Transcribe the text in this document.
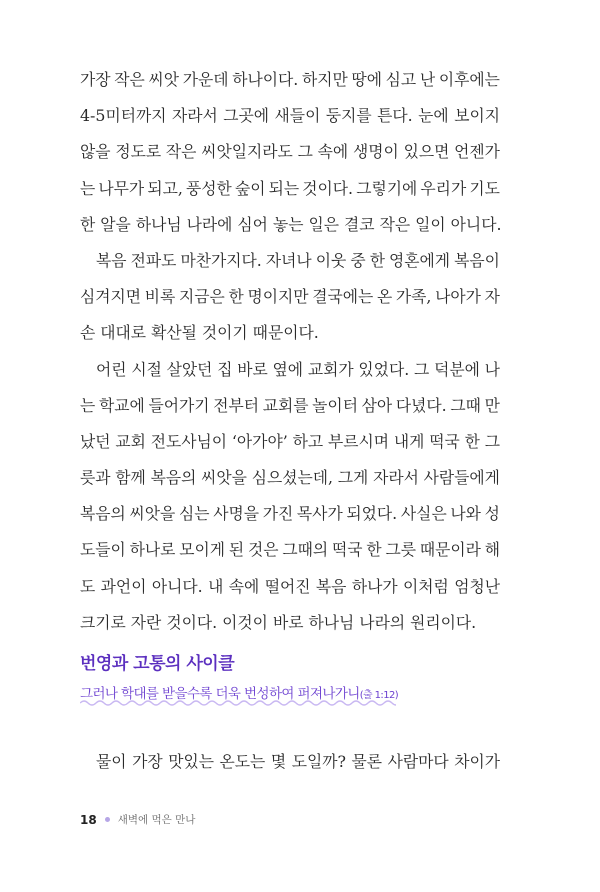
가장 작은 씨앗 가운데 하나이다. 하지만 땅에 심고 난 이후에는
4-5미터까지 자라서 그곳에 새들이 둥지를 튼다. 눈에 보이지
않을 정도로 작은 씨앗일지라도 그 속에 생명이 있으면 언젠가
는 나무가 되고, 풍성한 숲이 되는 것이다. 그렇기에 우리가 기도
한 알을 하나님 나라에 심어 놓는 일은 결코 작은 일이 아니다.
복음 전파도 마찬가지다. 자녀나 이웃 중 한 영혼에게 복음이
심겨지면 비록 지금은 한 명이지만 결국에는 온 가족, 나아가 자
손 대대로 확산될 것이기 때문이다.
어린 시절 살았던 집 바로 옆에 교회가 있었다. 그 덕분에 나
는 학교에 들어가기 전부터 교회를 놀이터 삼아 다녔다. 그때 만
났던 교회 전도사님이 ‘아가야’ 하고 부르시며 내게 떡국 한 그
릇과 함께 복음의 씨앗을 심으셨는데, 그게 자라서 사람들에게
복음의 씨앗을 심는 사명을 가진 목사가 되었다. 사실은 나와 성
도들이 하나로 모이게 된 것은 그때의 떡국 한 그릇 때문이라 해
도 과언이 아니다. 내 속에 떨어진 복음 하나가 이처럼 엄청난
크기로 자란 것이다. 이것이 바로 하나님 나라의 원리이다.
번영과 고통의 사이클
그러나 학대를 받을수록 더욱 번성하여 퍼져나가니(출 1:12)
물이 가장 맛있는 온도는 몇 도일까? 물론 사람마다 차이가
18 새벽에 먹은 만나
